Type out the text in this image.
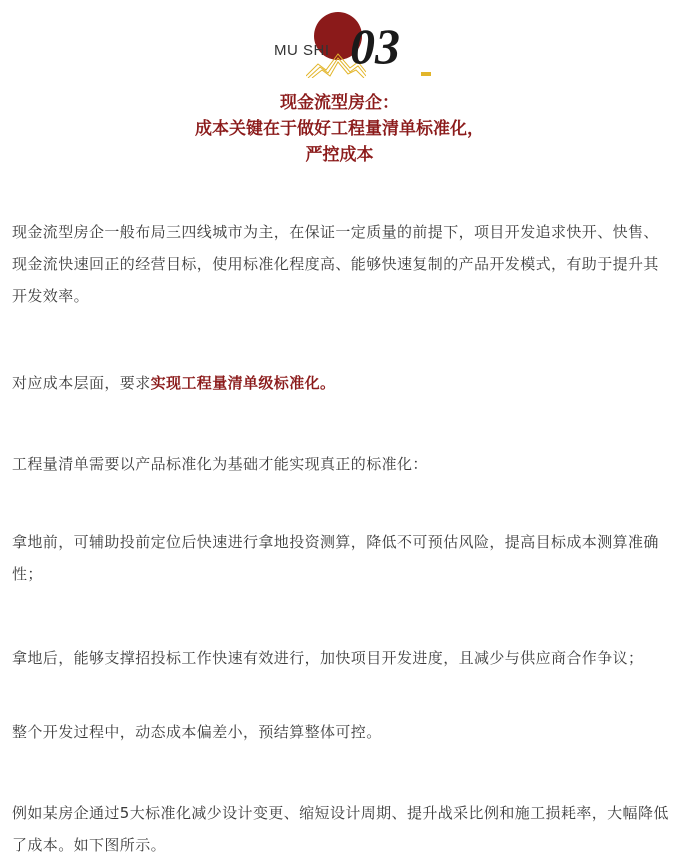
MU SHI 03
现金流型房企：
成本关键在于做好工程量清单标准化，
严控成本
现金流型房企一般布局三四线城市为主，在保证一定质量的前提下，项目开发追求快开、快售、现金流快速回正的经营目标，使用标准化程度高、能够快速复制的产品开发模式，有助于提升其开发效率。
对应成本层面，要求实现工程量清单级标准化。
工程量清单需要以产品标准化为基础才能实现真正的标准化：
拿地前，可辅助投前定位后快速进行拿地投资测算，降低不可预估风险，提高目标成本测算准确性；
拿地后，能够支撑招投标工作快速有效进行，加快项目开发进度，且减少与供应商合作争议；
整个开发过程中，动态成本偏差小，预结算整体可控。
例如某房企通过5大标准化减少设计变更、缩短设计周期、提升战采比例和施工损耗率，大幅降低了成本。如下图所示。
